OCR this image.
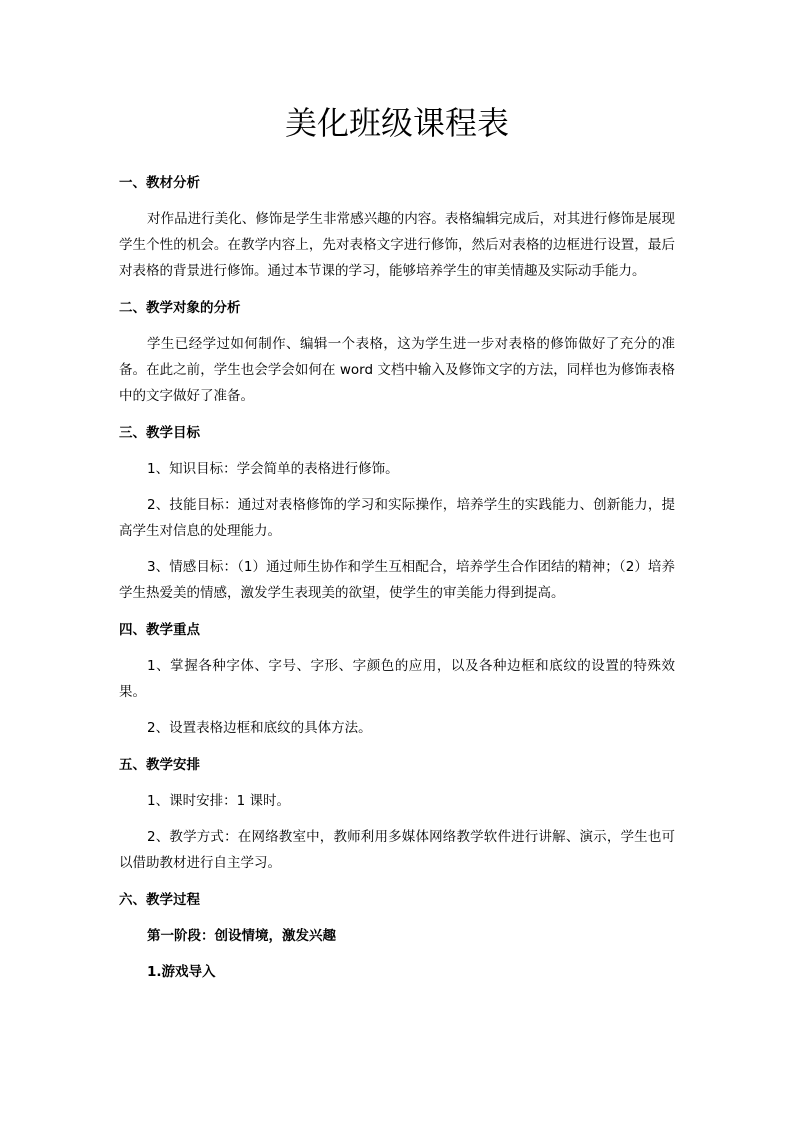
美化班级课程表

一、教材分析

对作品进行美化、修饰是学生非常感兴趣的内容。表格编辑完成后，对其进行修饰是展现学生个性的机会。在教学内容上，先对表格文字进行修饰，然后对表格的边框进行设置，最后对表格的背景进行修饰。通过本节课的学习，能够培养学生的审美情趣及实际动手能力。

二、教学对象的分析

学生已经学过如何制作、编辑一个表格，这为学生进一步对表格的修饰做好了充分的准备。在此之前，学生也会学会如何在 word 文档中输入及修饰文字的方法，同样也为修饰表格中的文字做好了准备。

三、教学目标

1、知识目标：学会简单的表格进行修饰。

2、技能目标：通过对表格修饰的学习和实际操作，培养学生的实践能力、创新能力，提高学生对信息的处理能力。

3、情感目标：（1）通过师生协作和学生互相配合，培养学生合作团结的精神；（2）培养学生热爱美的情感，激发学生表现美的欲望，使学生的审美能力得到提高。

四、教学重点

1、掌握各种字体、字号、字形、字颜色的应用，以及各种边框和底纹的设置的特殊效果。

2、设置表格边框和底纹的具体方法。

五、教学安排

1、课时安排：1 课时。

2、教学方式：在网络教室中，教师利用多媒体网络教学软件进行讲解、演示，学生也可以借助教材进行自主学习。

六、教学过程

第一阶段：创设情境，激发兴趣

1.游戏导入
